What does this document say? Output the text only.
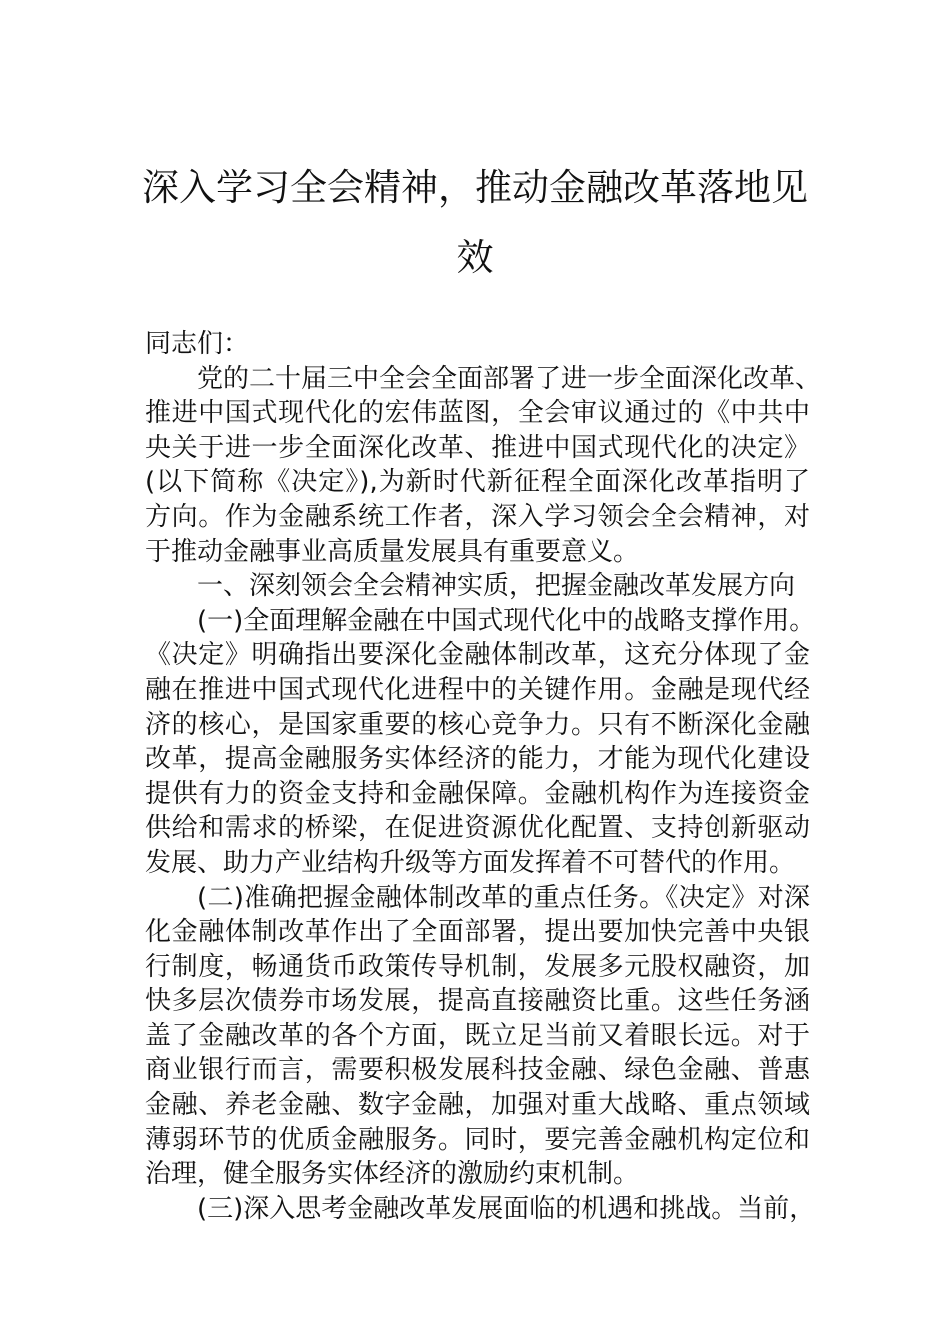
深入学习全会精神，推动金融改革落地见
效
同志们：
党的二十届三中全会全面部署了进一步全面深化改革、
推进中国式现代化的宏伟蓝图，全会审议通过的《中共中
央关于进一步全面深化改革、推进中国式现代化的决定》
(以下简称《决定》),为新时代新征程全面深化改革指明了
方向。作为金融系统工作者，深入学习领会全会精神，对
于推动金融事业高质量发展具有重要意义。
一、深刻领会全会精神实质，把握金融改革发展方向
(一)全面理解金融在中国式现代化中的战略支撑作用。
《决定》明确指出要深化金融体制改革，这充分体现了金
融在推进中国式现代化进程中的关键作用。金融是现代经
济的核心，是国家重要的核心竞争力。只有不断深化金融
改革，提高金融服务实体经济的能力，才能为现代化建设
提供有力的资金支持和金融保障。金融机构作为连接资金
供给和需求的桥梁，在促进资源优化配置、支持创新驱动
发展、助力产业结构升级等方面发挥着不可替代的作用。
(二)准确把握金融体制改革的重点任务。《决定》对深
化金融体制改革作出了全面部署，提出要加快完善中央银
行制度，畅通货币政策传导机制，发展多元股权融资，加
快多层次债券市场发展，提高直接融资比重。这些任务涵
盖了金融改革的各个方面，既立足当前又着眼长远。对于
商业银行而言，需要积极发展科技金融、绿色金融、普惠
金融、养老金融、数字金融，加强对重大战略、重点领域
薄弱环节的优质金融服务。同时，要完善金融机构定位和
治理，健全服务实体经济的激励约束机制。
(三)深入思考金融改革发展面临的机遇和挑战。当前，
